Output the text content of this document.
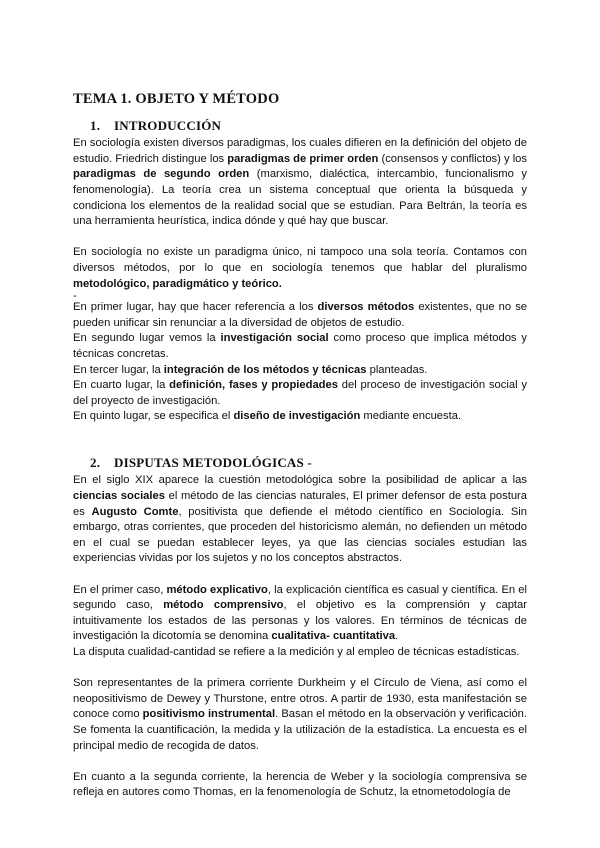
TEMA 1. OBJETO Y MÉTODO
1. INTRODUCCIÓN

En sociología existen diversos paradigmas, los cuales difieren en la definición del objeto de estudio. Friedrich distingue los paradigmas de primer orden (consensos y conflictos) y los paradigmas de segundo orden (marxismo, dialéctica, intercambio, funcionalismo y fenomenología). La teoría crea un sistema conceptual que orienta la búsqueda y condiciona los elementos de la realidad social que se estudian. Para Beltrán, la teoría es una herramienta heurística, indica dónde y qué hay que buscar.

En sociología no existe un paradigma único, ni tampoco una sola teoría. Contamos con diversos métodos, por lo que en sociología tenemos que hablar del pluralismo metodológico, paradigmático y teórico.

-

En primer lugar, hay que hacer referencia a los diversos métodos existentes, que no se pueden unificar sin renunciar a la diversidad de objetos de estudio.

En segundo lugar vemos la investigación social como proceso que implica métodos y técnicas concretas.

En tercer lugar, la integración de los métodos y técnicas planteadas.

En cuarto lugar, la definición, fases y propiedades del proceso de investigación social y del proyecto de investigación.

En quinto lugar, se especifica el diseño de investigación mediante encuesta.

2. DISPUTAS METODOLÓGICAS -

En el siglo XIX aparece la cuestión metodológica sobre la posibilidad de aplicar a las ciencias sociales el método de las ciencias naturales, El primer defensor de esta postura es Augusto Comte, positivista que defiende el método científico en Sociología. Sin embargo, otras corrientes, que proceden del historicismo alemán, no defienden un método en el cual se puedan establecer leyes, ya que las ciencias sociales estudian las experiencias vividas por los sujetos y no los conceptos abstractos.

En el primer caso, método explicativo, la explicación científica es casual y científica. En el segundo caso, método comprensivo, el objetivo es la comprensión y captar intuitivamente los estados de las personas y los valores. En términos de técnicas de investigación la dicotomía se denomina cualitativa- cuantitativa.

La disputa cualidad-cantidad se refiere a la medición y al empleo de técnicas estadísticas.

Son representantes de la primera corriente Durkheim y el Círculo de Viena, así como el neopositivismo de Dewey y Thurstone, entre otros. A partir de 1930, esta manifestación se conoce como positivismo instrumental. Basan el método en la observación y verificación. Se fomenta la cuantificación, la medida y la utilización de la estadística. La encuesta es el principal medio de recogida de datos.

En cuanto a la segunda corriente, la herencia de Weber y la sociología comprensiva se refleja en autores como Thomas, en la fenomenología de Schutz, la etnometodología de
